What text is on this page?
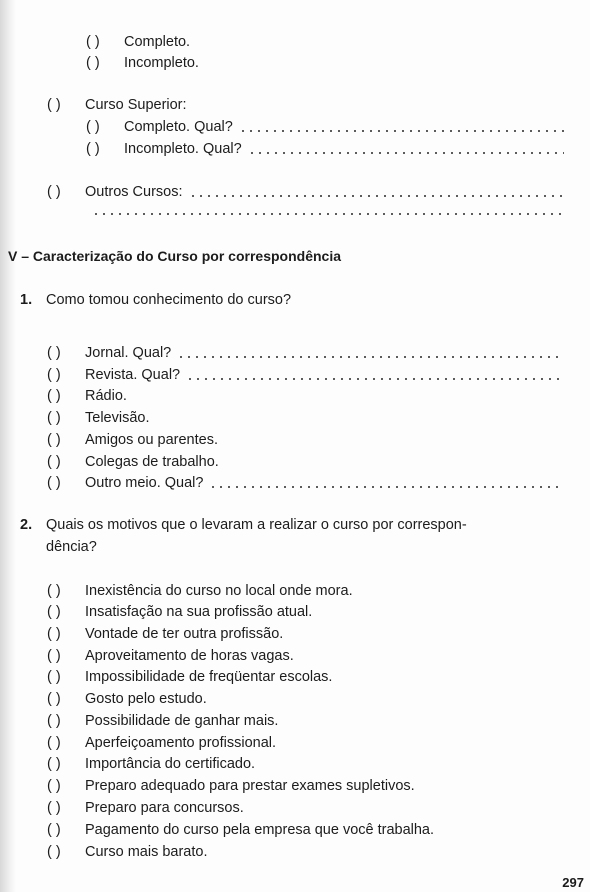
( )	Completo.
( )	Incompleto.
( )	Curso Superior:
( )	Completo. Qual?
( )	Incompleto. Qual?
( )	Outros Cursos:
V – Caracterização do Curso por correspondência
1. Como tomou conhecimento do curso?
( )	Jornal. Qual?
( )	Revista. Qual?
( )	Rádio.
( )	Televisão.
( )	Amigos ou parentes.
( )	Colegas de trabalho.
( )	Outro meio. Qual?
2. Quais os motivos que o levaram a realizar o curso por correspon-
dência?
( )	Inexistência do curso no local onde mora.
( )	Insatisfação na sua profissão atual.
( )	Vontade de ter outra profissão.
( )	Aproveitamento de horas vagas.
( )	Impossibilidade de freqüentar escolas.
( )	Gosto pelo estudo.
( )	Possibilidade de ganhar mais.
( )	Aperfeiçoamento profissional.
( )	Importância do certificado.
( )	Preparo adequado para prestar exames supletivos.
( )	Preparo para concursos.
( )	Pagamento do curso pela empresa que você trabalha.
( )	Curso mais barato.
297
